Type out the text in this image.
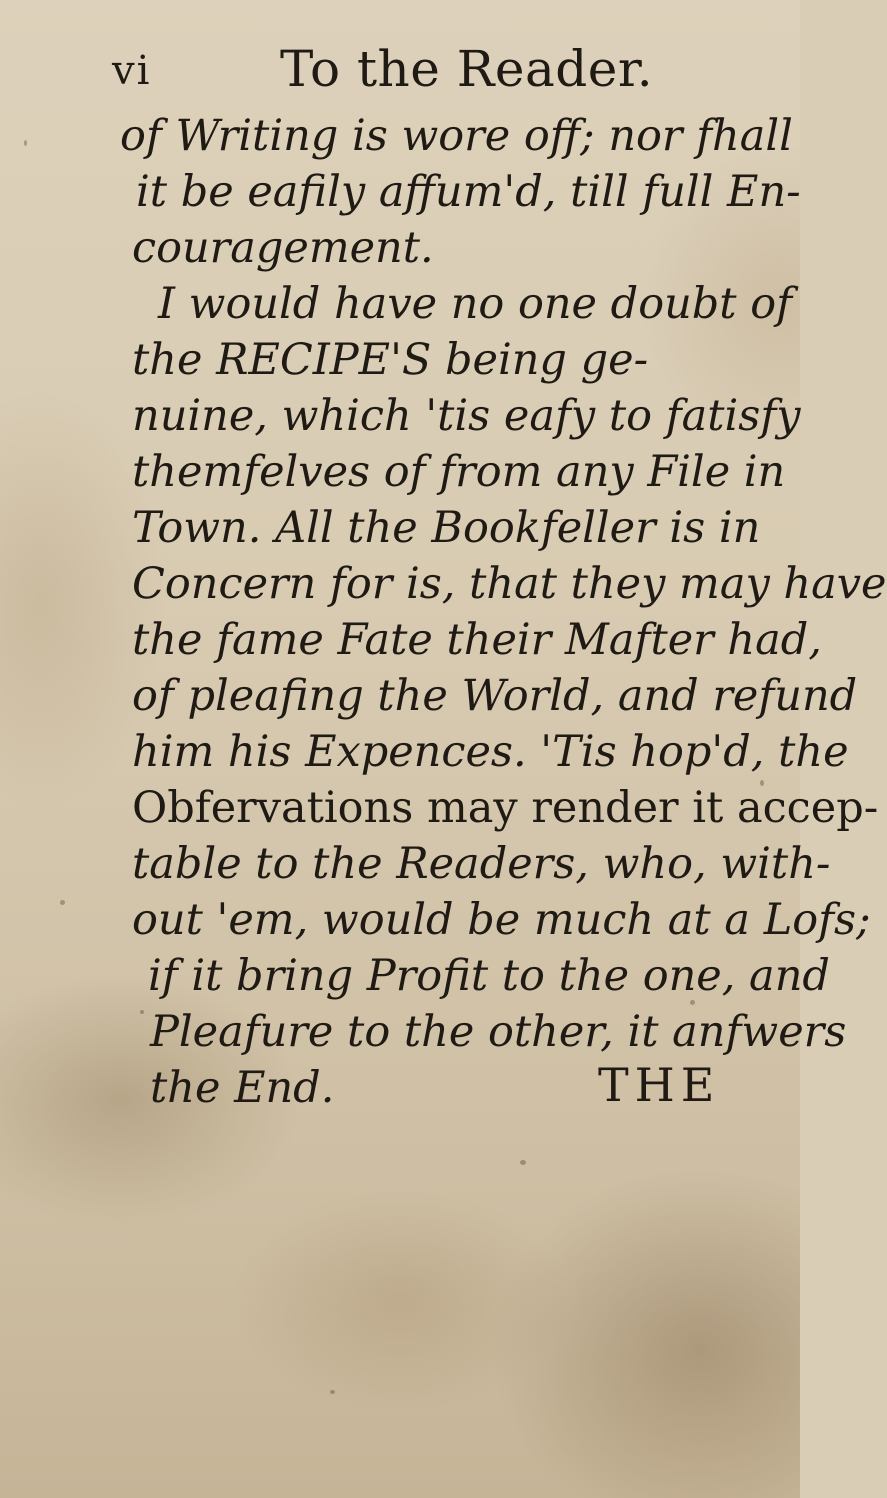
vi	To the Reader.
of Writing is wore off; nor fhall
it be eafily affum'd, till full En-
couragement.
I would have no one doubt of
the RECIPE'S being ge-
nuine, which 'tis eafy to fatisfy
themfelves of from any File in
Town. All the Bookfeller is in
Concern for is, that they may have
the fame Fate their Mafter had,
of pleafing the World, and refund
him his Expences. 'Tis hop'd, the
Obfervations may render it accep-
table to the Readers, who, with-
out 'em, would be much at a Lofs;
if it bring Profit to the one, and
Pleafure to the other, it anfwers
the End.	THE
